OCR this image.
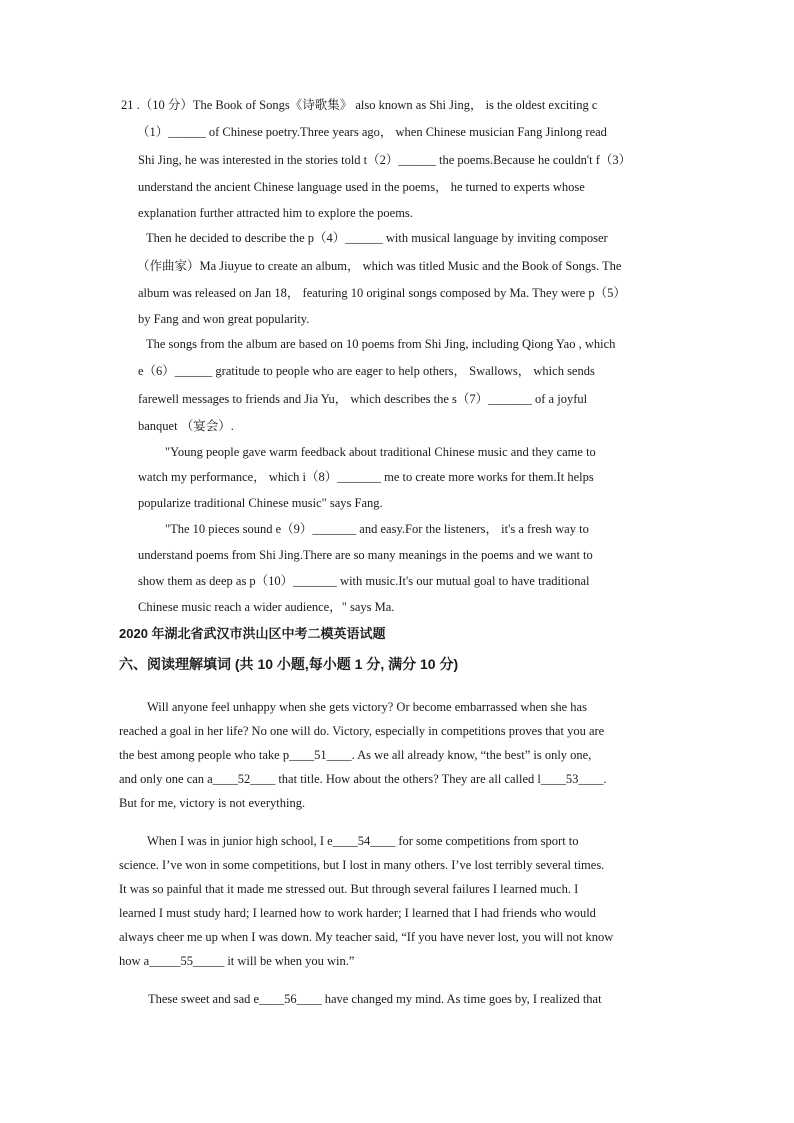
21 .（10 分）The Book of Songs《诗歌集》 also known as Shi Jing， is the oldest exciting c
（1）______ of Chinese poetry.Three years ago， when Chinese musician Fang Jinlong read
Shi Jing, he was interested in the stories told t（2）______ the poems.Because he couldn't f（3）
understand the ancient Chinese language used in the poems， he turned to experts whose
explanation further attracted him to explore the poems.
Then he decided to describe the p（4）______ with musical language by inviting composer
（作曲家）Ma Jiuyue to create an album， which was titled Music and the Book of Songs. The
album was released on Jan 18， featuring 10 original songs composed by Ma. They were p（5）
by Fang and won great popularity.
The songs from the album are based on 10 poems from Shi Jing, including Qiong Yao , which
e（6）______ gratitude to people who are eager to help others， Swallows， which sends
farewell messages to friends and Jia Yu， which describes the s（7）_______ of a joyful
banquet （宴会）.
"Young people gave warm feedback about traditional Chinese music and they came to
watch my performance， which i（8）_______ me to create more works for them.It helps
popularize traditional Chinese music" says Fang.
"The 10 pieces sound e（9）_______ and easy.For the listeners， it's a fresh way to
understand poems from Shi Jing.There are so many meanings in the poems and we want to
show them as deep as p（10）_______ with music.It's our mutual goal to have traditional
Chinese music reach a wider audience，" says Ma.
2020 年湖北省武汉市洪山区中考二模英语试题
六、阅读理解填词 (共 10 小题,每小题 1 分, 满分 10 分)
Will anyone feel unhappy when she gets victory? Or become embarrassed when she has
reached a goal in her life? No one will do. Victory, especially in competitions proves that you are
the best among people who take p____51____. As we all already know, “the best” is only one,
and only one can a____52____ that title. How about the others? They are all called l____53____.
But for me, victory is not everything.
When I was in junior high school, I e____54____ for some competitions from sport to
science. I’ve won in some competitions, but I lost in many others. I’ve lost terribly several times.
It was so painful that it made me stressed out. But through several failures I learned much. I
learned I must study hard; I learned how to work harder; I learned that I had friends who would
always cheer me up when I was down. My teacher said, “If you have never lost, you will not know
how a_____55_____ it will be when you win.”
These sweet and sad e____56____ have changed my mind. As time goes by, I realized that
